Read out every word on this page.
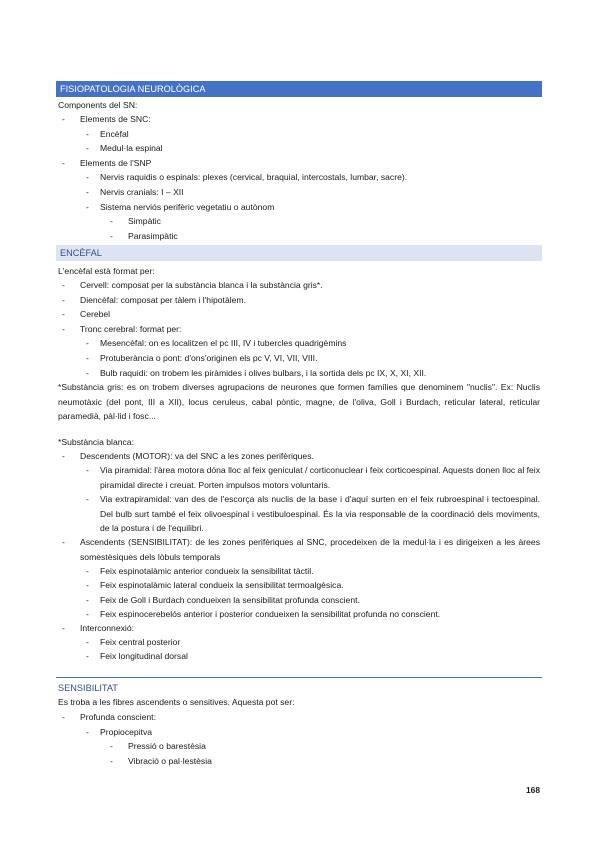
FISIOPATOLOGIA NEUROLÒGICA
Components del SN:
- Elements de SNC:
- Encèfal
- Medul·la espinal
- Elements de l'SNP
- Nervis raquidis o espinals: plexes (cervical, braquial, intercostals, lumbar, sacre).
- Nervis cranials: I – XII
- Sistema nerviós perifèric vegetatiu o autònom
- Simpàtic
- Parasimpàtic
ENCÈFAL
L'encèfal està format per:
- Cervell: composat per la substància blanca i la substància gris*.
- Diencèfal: composat per tàlem i l'hipotàlem.
- Cerebel
- Tronc cerebral: format per:
- Mesencèfal: on es localitzen el pc III, IV i tubercles quadrigèmins
- Protuberància o pont: d'ons'originen els pc V, VI, VII, VIII.
- Bulb raquidi: on trobem les piràmides i olives bulbars, i la sortida dels pc IX, X, XI, XII.
*Substància gris: es on trobem diverses agrupacions de neurones que formen famílies que denominem "nuclis". Ex: Nuclis neumotàxic (del pont, III a XII), locus ceruleus, cabal pòntic, magne, de l'oliva, Goll i Burdach, reticular lateral, reticular paramedià, pàl·lid i fosc...
*Substància blanca:
- Descendents (MOTOR): va del SNC a les zones perifèriques.
- Via piramidal: l'àrea motora dóna lloc al feix geniculat / corticonuclear i feix corticoespinal. Aquests donen lloc al feix piramidal directe i creuat. Porten impulsos motors voluntaris.
- Via extrapiramidal: van des de l'escorça als nuclis de la base i d'aquí surten en el feix rubroespinal i tectoespinal. Del bulb surt també el feix olivoespinal i vestibuloespinal. És la via responsable de la coordinació dels moviments, de la postura i de l'equilibri.
- Ascendents (SENSIBILITAT): de les zones perifèriques al SNC, procedeixen de la medul·la i es dirigeixen a les àrees somestèsiques dels lòbuls temporals
- Feix espinotalàmic anterior condueix la sensibilitat tàctil.
- Feix espinotalàmic lateral condueix la sensibilitat termoalgèsica.
- Feix de Goll i Burdach condueixen la sensibilitat profunda conscient.
- Feix espinocerebelós anterior i posterior condueixen la sensibilitat profunda no conscient.
- Interconnexió:
- Feix central posterior
- Feix longitudinal dorsal
SENSIBILITAT
Es troba a les fibres ascendents o sensitives. Aquesta pot ser:
- Profunda conscient:
- Propiocepitva
- Pressió o barestèsia
- Vibració o pal·lestèsia
168
